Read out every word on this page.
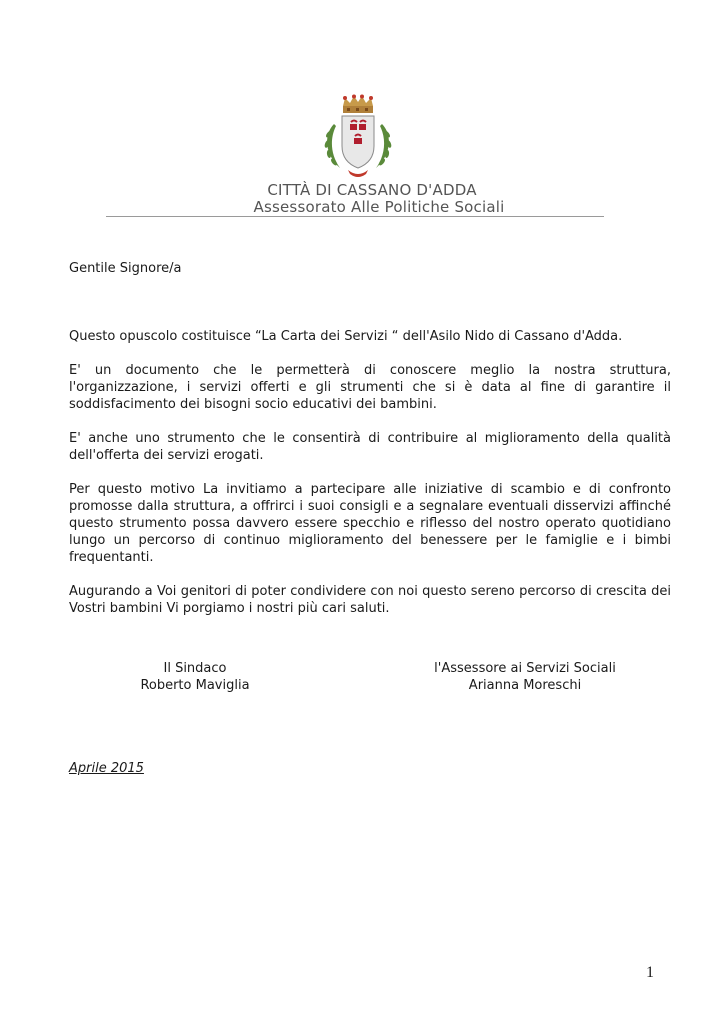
CITTÀ DI CASSANO D'ADDA
Assessorato Alle Politiche Sociali

Gentile Signore/a

Questo opuscolo costituisce “La Carta dei Servizi “ dell'Asilo Nido di Cassano d'Adda.

E' un documento che le permetterà di conoscere meglio la nostra struttura, l'organizzazione, i servizi offerti e gli strumenti che si è data al fine di garantire il soddisfacimento dei bisogni socio educativi dei bambini.

E' anche uno strumento che le consentirà di contribuire al miglioramento della qualità dell'offerta dei servizi erogati.

Per questo motivo La invitiamo a partecipare alle iniziative di scambio e di confronto promosse dalla struttura, a offrirci i suoi consigli e a segnalare eventuali disservizi affinché questo strumento possa davvero essere specchio e riflesso del nostro operato quotidiano lungo un percorso di continuo miglioramento del benessere per le famiglie e i bimbi frequentanti.

Augurando a Voi genitori di poter condividere con noi questo sereno percorso di crescita dei Vostri bambini Vi porgiamo i nostri più cari saluti.

Il Sindaco
Roberto Maviglia
l'Assessore ai Servizi Sociali
Arianna Moreschi
Aprile 2015
1
